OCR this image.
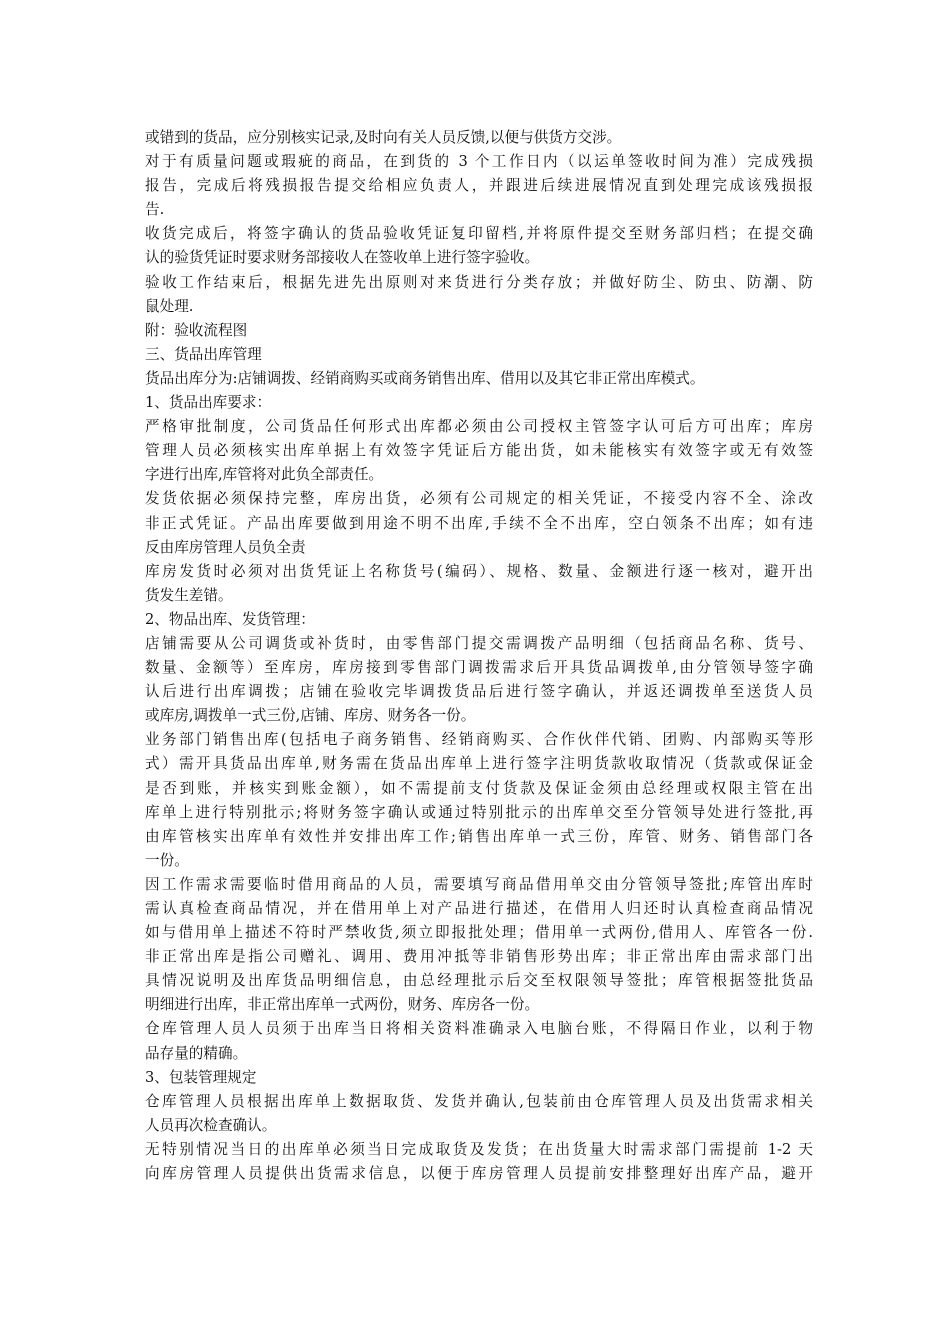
或错到的货品，应分别核实记录,及时向有关人员反馈,以便与供货方交涉。
对于有质量问题或瑕疵的商品，在到货的 3 个工作日内（以运单签收时间为准）完成残损
报告，完成后将残损报告提交给相应负责人，并跟进后续进展情况直到处理完成该残损报
告.
收货完成后，将签字确认的货品验收凭证复印留档,并将原件提交至财务部归档；在提交确
认的验货凭证时要求财务部接收人在签收单上进行签字验收。
验收工作结束后，根据先进先出原则对来货进行分类存放；并做好防尘、防虫、防潮、防
鼠处理.
附：验收流程图
三、货品出库管理
货品出库分为:店铺调拨、经销商购买或商务销售出库、借用以及其它非正常出库模式。
1、货品出库要求：
严格审批制度，公司货品任何形式出库都必须由公司授权主管签字认可后方可出库；库房
管理人员必须核实出库单据上有效签字凭证后方能出货，如未能核实有效签字或无有效签
字进行出库,库管将对此负全部责任。
发货依据必须保持完整，库房出货，必须有公司规定的相关凭证，不接受内容不全、涂改
非正式凭证。产品出库要做到用途不明不出库,手续不全不出库，空白领条不出库；如有违
反由库房管理人员负全责
库房发货时必须对出货凭证上名称货号(编码）、规格、数量、金额进行逐一核对，避开出
货发生差错。
2、物品出库、发货管理：
店铺需要从公司调货或补货时，由零售部门提交需调拨产品明细（包括商品名称、货号、
数量、金额等）至库房，库房接到零售部门调拨需求后开具货品调拨单,由分管领导签字确
认后进行出库调拨；店铺在验收完毕调拨货品后进行签字确认，并返还调拨单至送货人员
或库房,调拨单一式三份,店铺、库房、财务各一份。
业务部门销售出库(包括电子商务销售、经销商购买、合作伙伴代销、团购、内部购买等形
式）需开具货品出库单,财务需在货品出库单上进行签字注明货款收取情况（货款或保证金
是否到账，并核实到账金额），如不需提前支付货款及保证金须由总经理或权限主管在出
库单上进行特别批示;将财务签字确认或通过特别批示的出库单交至分管领导处进行签批,再
由库管核实出库单有效性并安排出库工作;销售出库单一式三份，库管、财务、销售部门各
一份。
因工作需求需要临时借用商品的人员，需要填写商品借用单交由分管领导签批;库管出库时
需认真检查商品情况，并在借用单上对产品进行描述，在借用人归还时认真检查商品情况
如与借用单上描述不符时严禁收货,须立即报批处理；借用单一式两份,借用人、库管各一份.
非正常出库是指公司赠礼、调用、费用冲抵等非销售形势出库；非正常出库由需求部门出
具情况说明及出库货品明细信息，由总经理批示后交至权限领导签批；库管根据签批货品
明细进行出库，非正常出库单一式两份，财务、库房各一份。
仓库管理人员人员须于出库当日将相关资料准确录入电脑台账，不得隔日作业，以利于物
品存量的精确。
3、包装管理规定
仓库管理人员根据出库单上数据取货、发货并确认,包装前由仓库管理人员及出货需求相关
人员再次检查确认。
无特别情况当日的出库单必须当日完成取货及发货；在出货量大时需求部门需提前 1-2 天
向库房管理人员提供出货需求信息，以便于库房管理人员提前安排整理好出库产品，避开
